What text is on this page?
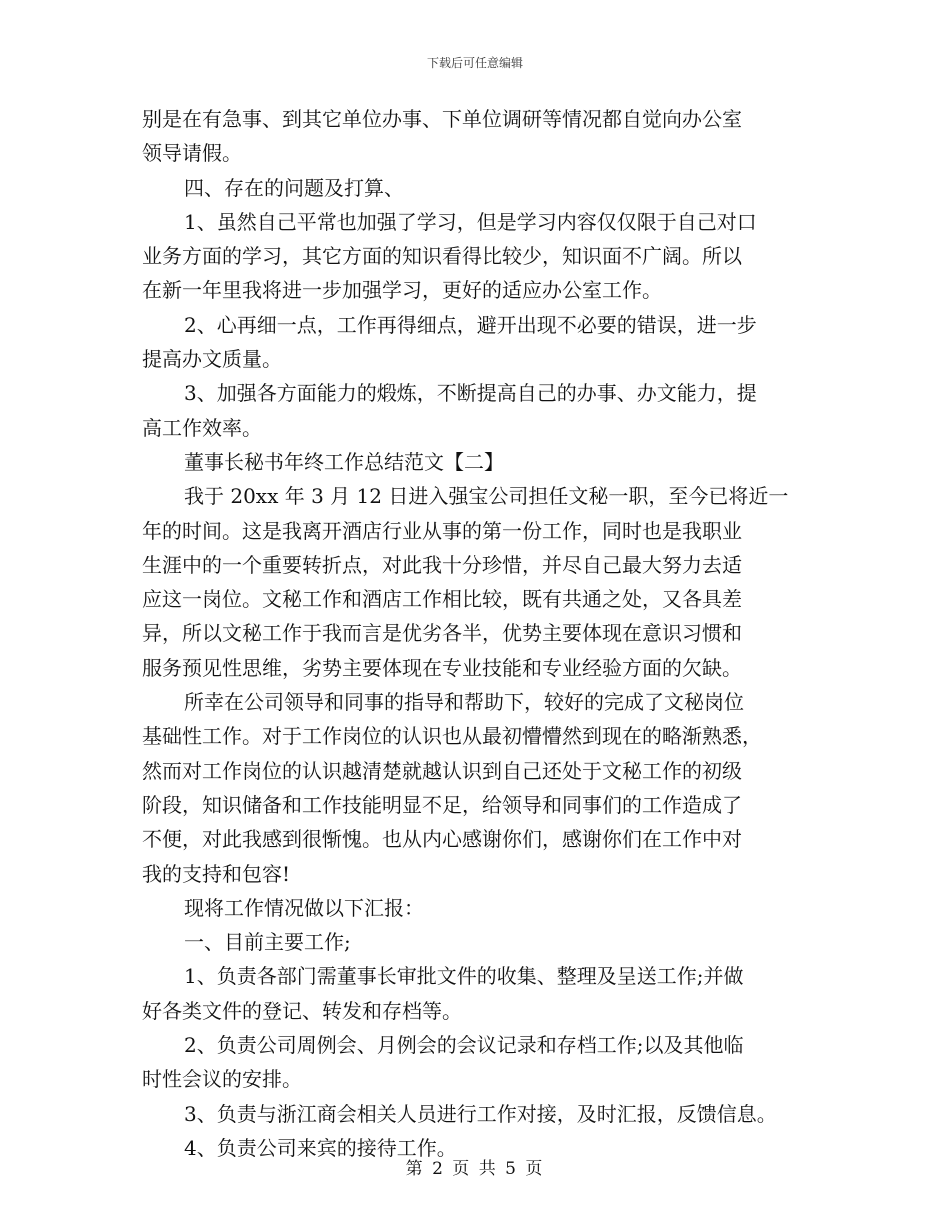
下载后可任意编辑
别是在有急事、到其它单位办事、下单位调研等情况都自觉向办公室
领导请假。
四、存在的问题及打算、
1、虽然自己平常也加强了学习，但是学习内容仅仅限于自己对口
业务方面的学习，其它方面的知识看得比较少，知识面不广阔。所以
在新一年里我将进一步加强学习，更好的适应办公室工作。
2、心再细一点，工作再得细点，避开出现不必要的错误，进一步
提高办文质量。
3、加强各方面能力的煅炼，不断提高自己的办事、办文能力，提
高工作效率。
董事长秘书年终工作总结范文【二】
我于 20xx 年 3 月 12 日进入强宝公司担任文秘一职，至今已将近一
年的时间。这是我离开酒店行业从事的第一份工作，同时也是我职业
生涯中的一个重要转折点，对此我十分珍惜，并尽自己最大努力去适
应这一岗位。文秘工作和酒店工作相比较，既有共通之处，又各具差
异，所以文秘工作于我而言是优劣各半，优势主要体现在意识习惯和
服务预见性思维，劣势主要体现在专业技能和专业经验方面的欠缺。
所幸在公司领导和同事的指导和帮助下，较好的完成了文秘岗位
基础性工作。对于工作岗位的认识也从最初懵懵然到现在的略渐熟悉，
然而对工作岗位的认识越清楚就越认识到自己还处于文秘工作的初级
阶段，知识储备和工作技能明显不足，给领导和同事们的工作造成了
不便，对此我感到很惭愧。也从内心感谢你们，感谢你们在工作中对
我的支持和包容!
现将工作情况做以下汇报：
一、目前主要工作;
1、负责各部门需董事长审批文件的收集、整理及呈送工作;并做
好各类文件的登记、转发和存档等。
2、负责公司周例会、月例会的会议记录和存档工作;以及其他临
时性会议的安排。
3、负责与浙江商会相关人员进行工作对接，及时汇报，反馈信息。
4、负责公司来宾的接待工作。
第 2 页 共 5 页
